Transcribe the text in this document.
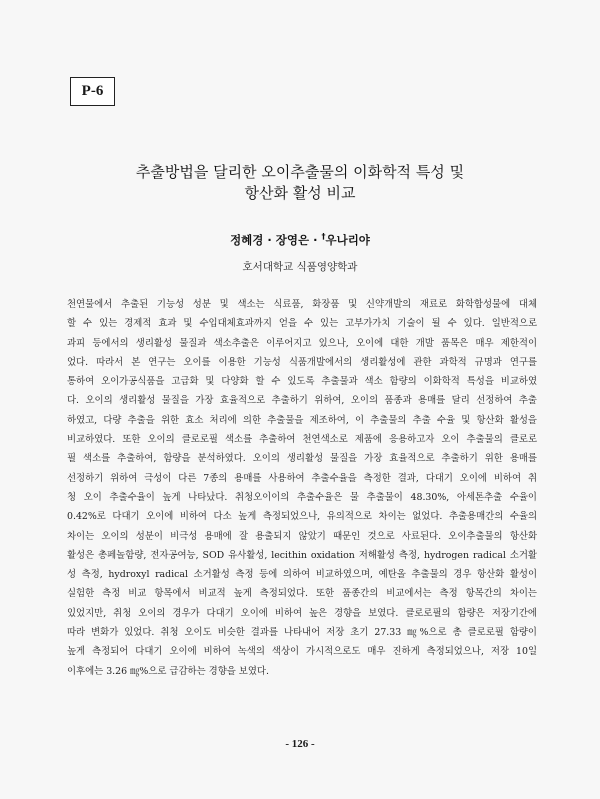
P-6
추출방법을 달리한 오이추출물의 이화학적 특성 및
항산화 활성 비교
정혜경 · 장영은 · †우나리야
호서대학교 식품영양학과
천연물에서 추출된 기능성 성분 및 색소는 식료품, 화장품 및 신약개발의 재료로 화학합성물에 대체
할 수 있는 경제적 효과 및 수입대체효과까지 얻을 수 있는 고부가가치 기술이 될 수 있다. 일반적으로
과피 등에서의 생리활성 물질과 색소추출은 이루어지고 있으나, 오이에 대한 개발 품목은 매우 제한적이
었다. 따라서 본 연구는 오이를 이용한 기능성 식품개발에서의 생리활성에 관한 과학적 규명과 연구를
통하여 오이가공식품을 고급화 및 다양화 할 수 있도록 추출물과 색소 함량의 이화학적 특성을 비교하였
다. 오이의 생리활성 물질을 가장 효율적으로 추출하기 위하여, 오이의 품종과 용매를 달리 선정하여 추출
하였고, 다량 추출을 위한 효소 처리에 의한 추출물을 제조하여, 이 추출물의 추출 수율 및 항산화 활성을
비교하였다. 또한 오이의 클로로필 색소를 추출하여 천연색소로 제품에 응용하고자 오이 추출물의 클로로
필 색소를 추출하여, 함량을 분석하였다. 오이의 생리활성 물질을 가장 효율적으로 추출하기 위한 용매를
선정하기 위하여 극성이 다른 7종의 용매를 사용하여 추출수율을 측정한 결과, 다대기 오이에 비하여 취
청 오이 추출수율이 높게 나타났다. 취청오이이의 추출수율은 물 추출물이 48.30%, 아세톤추출 수율이
0.42%로 다대기 오이에 비하여 다소 높게 측정되었으나, 유의적으로 차이는 없었다. 추출용매간의 수율의
차이는 오이의 성분이 비극성 용매에 잘 용출되지 않았기 때문인 것으로 사료된다. 오이추출물의 항산화
활성은 총페놀함량, 전자공여능, SOD 유사활성, lecithin oxidation 저해활성 측정, hydrogen radical 소거활
성 측정, hydroxyl radical 소거활성 측정 등에 의하여 비교하였으며, 예탄올 추출물의 경우 항산화 활성이
실험한 측정 비교 항목에서 비교적 높게 측정되었다. 또한 품종간의 비교에서는 측정 항목간의 차이는
있었지만, 취청 오이의 경우가 다대기 오이에 비하여 높은 경향을 보였다. 클로로필의 함량은 저장기간에
따라 변화가 있었다. 취청 오이도 비슷한 결과를 나타내어 저장 초기 27.33 ㎎%으로 총 클로로필 함량이
높게 측정되어 다대기 오이에 비하여 녹색의 색상이 가시적으로도 매우 진하게 측정되었으나, 저장 10일
이후에는 3.26 ㎎%으로 급감하는 경향을 보였다.
- 126 -
